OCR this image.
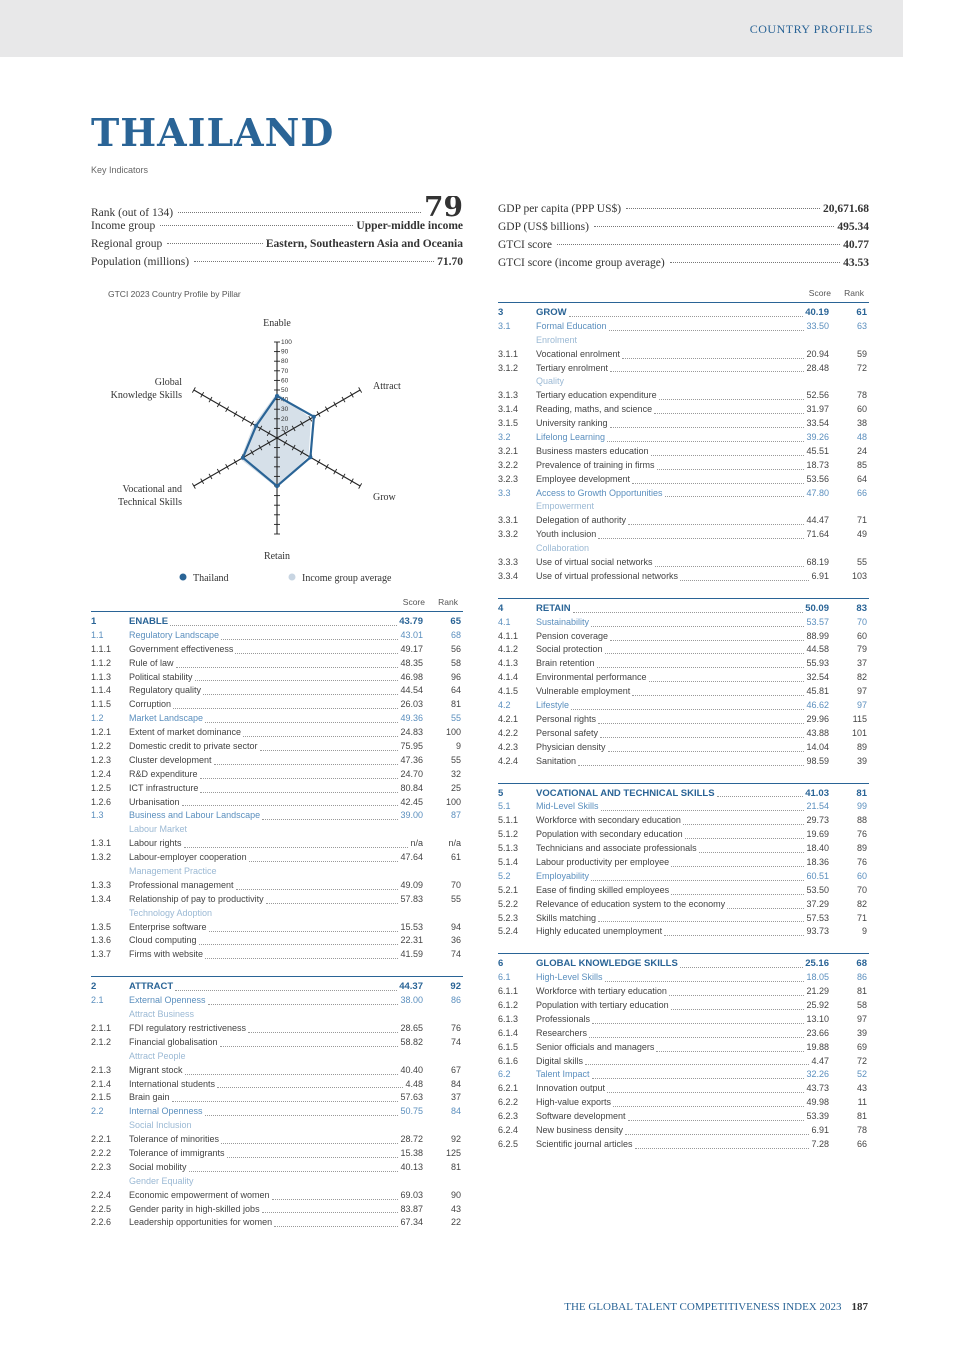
COUNTRY PROFILES
THAILAND
Key Indicators
Rank (out of 134)	79
Income group	Upper-middle income
Regional group	Eastern, Southeastern Asia and Oceania
Population (millions)	71.70
GDP per capita (PPP US$)	20,671.68
GDP (US$ billions)	495.34
GTCI score	40.77
GTCI score (income group average)	43.53
GTCI 2023 Country Profile by Pillar
10
20
30
40
50
60
70
80
90
100
Enable
Attract
Grow
Retain
Vocational and Technical Skills
Global Knowledge Skills
Thailand	Income group average
Score Rank
1	ENABLE	43.79	65
1.1	Regulatory Landscape	43.01	68
1.1.1	Government effectiveness	49.17	56
1.1.2	Rule of law	48.35	58
1.1.3	Political stability	46.98	96
1.1.4	Regulatory quality	44.54	64
1.1.5	Corruption	26.03	81
1.2	Market Landscape	49.36	55
1.2.1	Extent of market dominance	24.83	100
1.2.2	Domestic credit to private sector	75.95	9
1.2.3	Cluster development	47.36	55
1.2.4	R&D expenditure	24.70	32
1.2.5	ICT infrastructure	80.84	25
1.2.6	Urbanisation	42.45	100
1.3	Business and Labour Landscape	39.00	87
Labour Market
1.3.1	Labour rights	n/a	n/a
1.3.2	Labour-employer cooperation	47.64	61
Management Practice
1.3.3	Professional management	49.09	70
1.3.4	Relationship of pay to productivity	57.83	55
Technology Adoption
1.3.5	Enterprise software	15.53	94
1.3.6	Cloud computing	22.31	36
1.3.7	Firms with website	41.59	74
2	ATTRACT	44.37	92
2.1	External Openness	38.00	86
Attract Business
2.1.1	FDI regulatory restrictiveness	28.65	76
2.1.2	Financial globalisation	58.82	74
Attract People
2.1.3	Migrant stock	40.40	67
2.1.4	International students	4.48	84
2.1.5	Brain gain	57.63	37
2.2	Internal Openness	50.75	84
Social Inclusion
2.2.1	Tolerance of minorities	28.72	92
2.2.2	Tolerance of immigrants	15.38	125
2.2.3	Social mobility	40.13	81
Gender Equality
2.2.4	Economic empowerment of women	69.03	90
2.2.5	Gender parity in high-skilled jobs	83.87	43
2.2.6	Leadership opportunities for women	67.34	22
Score Rank
3	GROW	40.19	61
3.1	Formal Education	33.50	63
Enrolment
3.1.1	Vocational enrolment	20.94	59
3.1.2	Tertiary enrolment	28.48	72
Quality
3.1.3	Tertiary education expenditure	52.56	78
3.1.4	Reading, maths, and science	31.97	60
3.1.5	University ranking	33.54	38
3.2	Lifelong Learning	39.26	48
3.2.1	Business masters education	45.51	24
3.2.2	Prevalence of training in firms	18.73	85
3.2.3	Employee development	53.56	64
3.3	Access to Growth Opportunities	47.80	66
Empowerment
3.3.1	Delegation of authority	44.47	71
3.3.2	Youth inclusion	71.64	49
Collaboration
3.3.3	Use of virtual social networks	68.19	55
3.3.4	Use of virtual professional networks	6.91	103
4	RETAIN	50.09	83
4.1	Sustainability	53.57	70
4.1.1	Pension coverage	88.99	60
4.1.2	Social protection	44.58	79
4.1.3	Brain retention	55.93	37
4.1.4	Environmental performance	32.54	82
4.1.5	Vulnerable employment	45.81	97
4.2	Lifestyle	46.62	97
4.2.1	Personal rights	29.96	115
4.2.2	Personal safety	43.88	101
4.2.3	Physician density	14.04	89
4.2.4	Sanitation	98.59	39
5	VOCATIONAL AND TECHNICAL SKILLS	41.03	81
5.1	Mid-Level Skills	21.54	99
5.1.1	Workforce with secondary education	29.73	88
5.1.2	Population with secondary education	19.69	76
5.1.3	Technicians and associate professionals	18.40	89
5.1.4	Labour productivity per employee	18.36	76
5.2	Employability	60.51	60
5.2.1	Ease of finding skilled employees	53.50	70
5.2.2	Relevance of education system to the economy	37.29	82
5.2.3	Skills matching	57.53	71
5.2.4	Highly educated unemployment	93.73	9
6	GLOBAL KNOWLEDGE SKILLS	25.16	68
6.1	High-Level Skills	18.05	86
6.1.1	Workforce with tertiary education	21.29	81
6.1.2	Population with tertiary education	25.92	58
6.1.3	Professionals	13.10	97
6.1.4	Researchers	23.66	39
6.1.5	Senior officials and managers	19.88	69
6.1.6	Digital skills	4.47	72
6.2	Talent Impact	32.26	52
6.2.1	Innovation output	43.73	43
6.2.2	High-value exports	49.98	11
6.2.3	Software development	53.39	81
6.2.4	New business density	6.91	78
6.2.5	Scientific journal articles	7.28	66
THE GLOBAL TALENT COMPETITIVENESS INDEX 2023 187
